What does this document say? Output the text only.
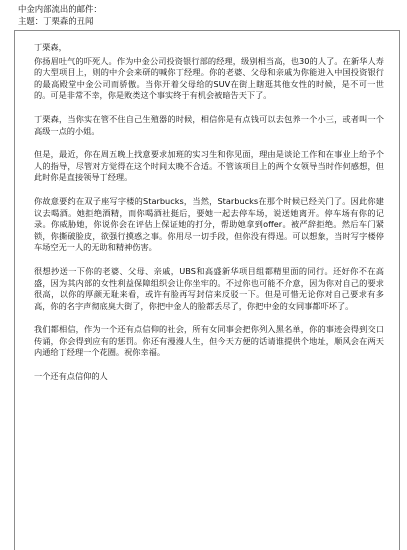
中金内部流出的邮件：
主题：丁栗森的丑闻
丁栗森，

你扬眉吐气的吓死人。作为中金公司投资银行部的经理，级别相当高，也30的人了。在新华人寿的大型项目上，则的中介会来研的喊你丁经理。你的老婆、父母和亲戚为你能进入中国投资银行的最高殿堂中金公司而骄傲。当你开着父母给的SUV在街上瞎逛其他女性的时候，是不可一世的。可是非常不幸，你是败类这个事实终于有机会被暗告天下了。

丁栗森，当你实在管不住自己生殖器的时候，相信你是有点钱可以去包养一个小三，或者叫一个高级一点的小姐。

但是，最近，你在周五晚上找意要求加班的实习生和你见面，理由是谈论工作和在事业上给予个人的指导，尽管对方觉得在这个时间太晚不合适。不管该项目上的两个女领导当时作何感想，但此时你是直接领导丁经理。

你故意要约在双子座写字楼的Starbucks，当然，Starbucks在那个时候已经关门了。因此你建议去喝酒。她拒绝酒精，而你喝酒社挺后，要她一起去停车场，说送她离开。停车场有你的记录。你威胁她，你说你会在评估上保证她的打分，帮助她拿到offer。被严辞拒绝。然后车门紧锁，你撕破脸皮，欲强行摸惑之事。你用尽一切手段，但你没有得逞。可以想象，当时写字楼停车场空无一人的无助和精神伤害。

很想抄送一下你的老婆、父母、亲戚，UBS和高盛新华项目组都精里面的同行。还好你不在高盛，因为其内部的女性利益保障组织会让你坐牢的。不过你也可能不介意，因为你对自己的要求很高，以你的厚颜无耻来看，或许有脸再写封信来反驳一下。但是可惜无论你对自己要求有多高，你的名字声彻底臭大街了，你把中金人的脸都丢尽了，你把中金的女同事都吓坏了。

我们都相信，作为一个还有点信仰的社会，所有女同事会把你列入黑名单，你的事迹会得到交口传诵，你会得到应有的惩罚。你还有漫漫人生，但今天方便的话请谁提供个地址，顺风会在两天内通给丁经理一个花圈。祝你幸福。

一个还有点信仰的人
